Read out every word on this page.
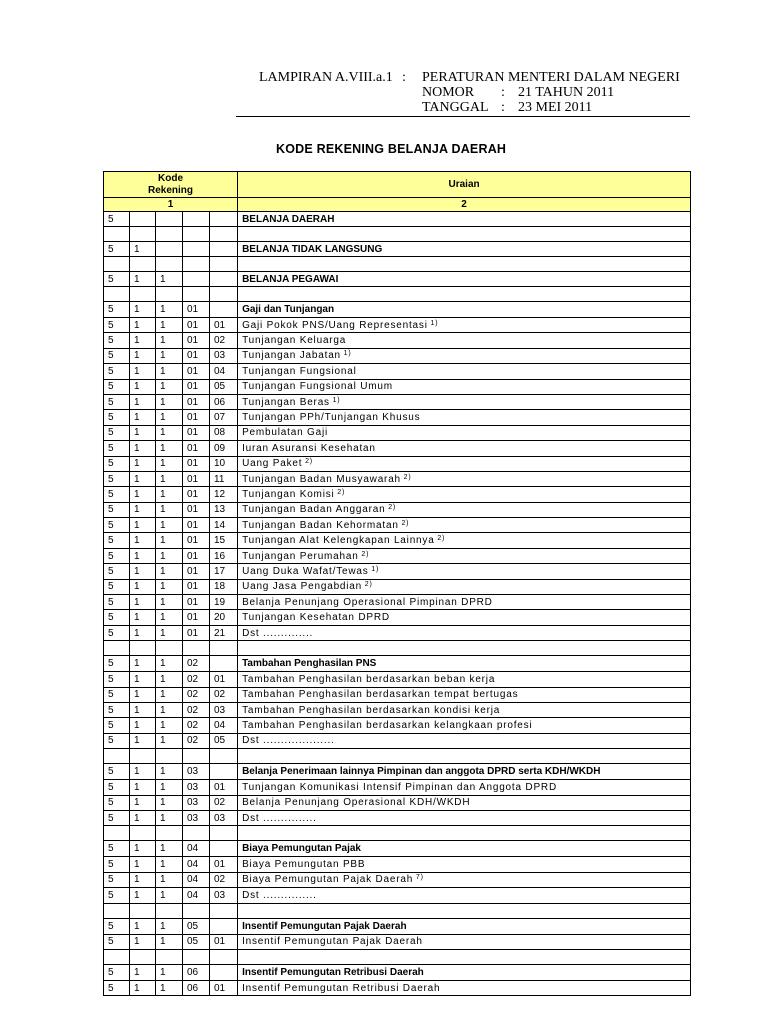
LAMPIRAN A.VIII.a.1 : PERATURAN MENTERI DALAM NEGERI
NOMOR : 21 TAHUN 2011
TANGGAL : 23 MEI 2011
KODE REKENING BELANJA DAERAH
Kode Rekening					Uraian
1					2
5					BELANJA DAERAH

5	1				BELANJA TIDAK LANGSUNG

5	1	1			BELANJA PEGAWAI

5	1	1	01		Gaji dan Tunjangan
5	1	1	01	01	Gaji Pokok PNS/Uang Representasi $^{1)}$
5	1	1	01	02	Tunjangan Keluarga
5	1	1	01	03	Tunjangan Jabatan $^{1)}$
5	1	1	01	04	Tunjangan Fungsional
5	1	1	01	05	Tunjangan Fungsional Umum
5	1	1	01	06	Tunjangan Beras $^{1)}$
5	1	1	01	07	Tunjangan PPh/Tunjangan Khusus
5	1	1	01	08	Pembulatan Gaji
5	1	1	01	09	Iuran Asuransi Kesehatan
5	1	1	01	10	Uang Paket $^{2)}$
5	1	1	01	11	Tunjangan Badan Musyawarah $^{2)}$
5	1	1	01	12	Tunjangan Komisi $^{2)}$
5	1	1	01	13	Tunjangan Badan Anggaran $^{2)}$
5	1	1	01	14	Tunjangan Badan Kehormatan $^{2)}$
5	1	1	01	15	Tunjangan Alat Kelengkapan Lainnya $^{2)}$
5	1	1	01	16	Tunjangan Perumahan $^{2)}$
5	1	1	01	17	Uang Duka Wafat/Tewas $^{1)}$
5	1	1	01	18	Uang Jasa Pengabdian $^{2)}$
5	1	1	01	19	Belanja Penunjang Operasional Pimpinan DPRD
5	1	1	01	20	Tunjangan Kesehatan DPRD
5	1	1	01	21	Dst ..............

5	1	1	02		Tambahan Penghasilan PNS
5	1	1	02	01	Tambahan Penghasilan berdasarkan beban kerja
5	1	1	02	02	Tambahan Penghasilan berdasarkan tempat bertugas
5	1	1	02	03	Tambahan Penghasilan berdasarkan kondisi kerja
5	1	1	02	04	Tambahan Penghasilan berdasarkan kelangkaan profesi
5	1	1	02	05	Dst ....................

5	1	1	03		Belanja Penerimaan lainnya Pimpinan dan anggota DPRD serta KDH/WKDH
5	1	1	03	01	Tunjangan Komunikasi Intensif Pimpinan dan Anggota DPRD
5	1	1	03	02	Belanja Penunjang Operasional KDH/WKDH
5	1	1	03	03	Dst ...............

5	1	1	04		Biaya Pemungutan Pajak
5	1	1	04	01	Biaya Pemungutan PBB
5	1	1	04	02	Biaya Pemungutan Pajak Daerah $^{7)}$
5	1	1	04	03	Dst ...............

5	1	1	05		Insentif Pemungutan Pajak Daerah
5	1	1	05	01	Insentif Pemungutan Pajak Daerah

5	1	1	06		Insentif Pemungutan Retribusi Daerah
5	1	1	06	01	Insentif Pemungutan Retribusi Daerah
